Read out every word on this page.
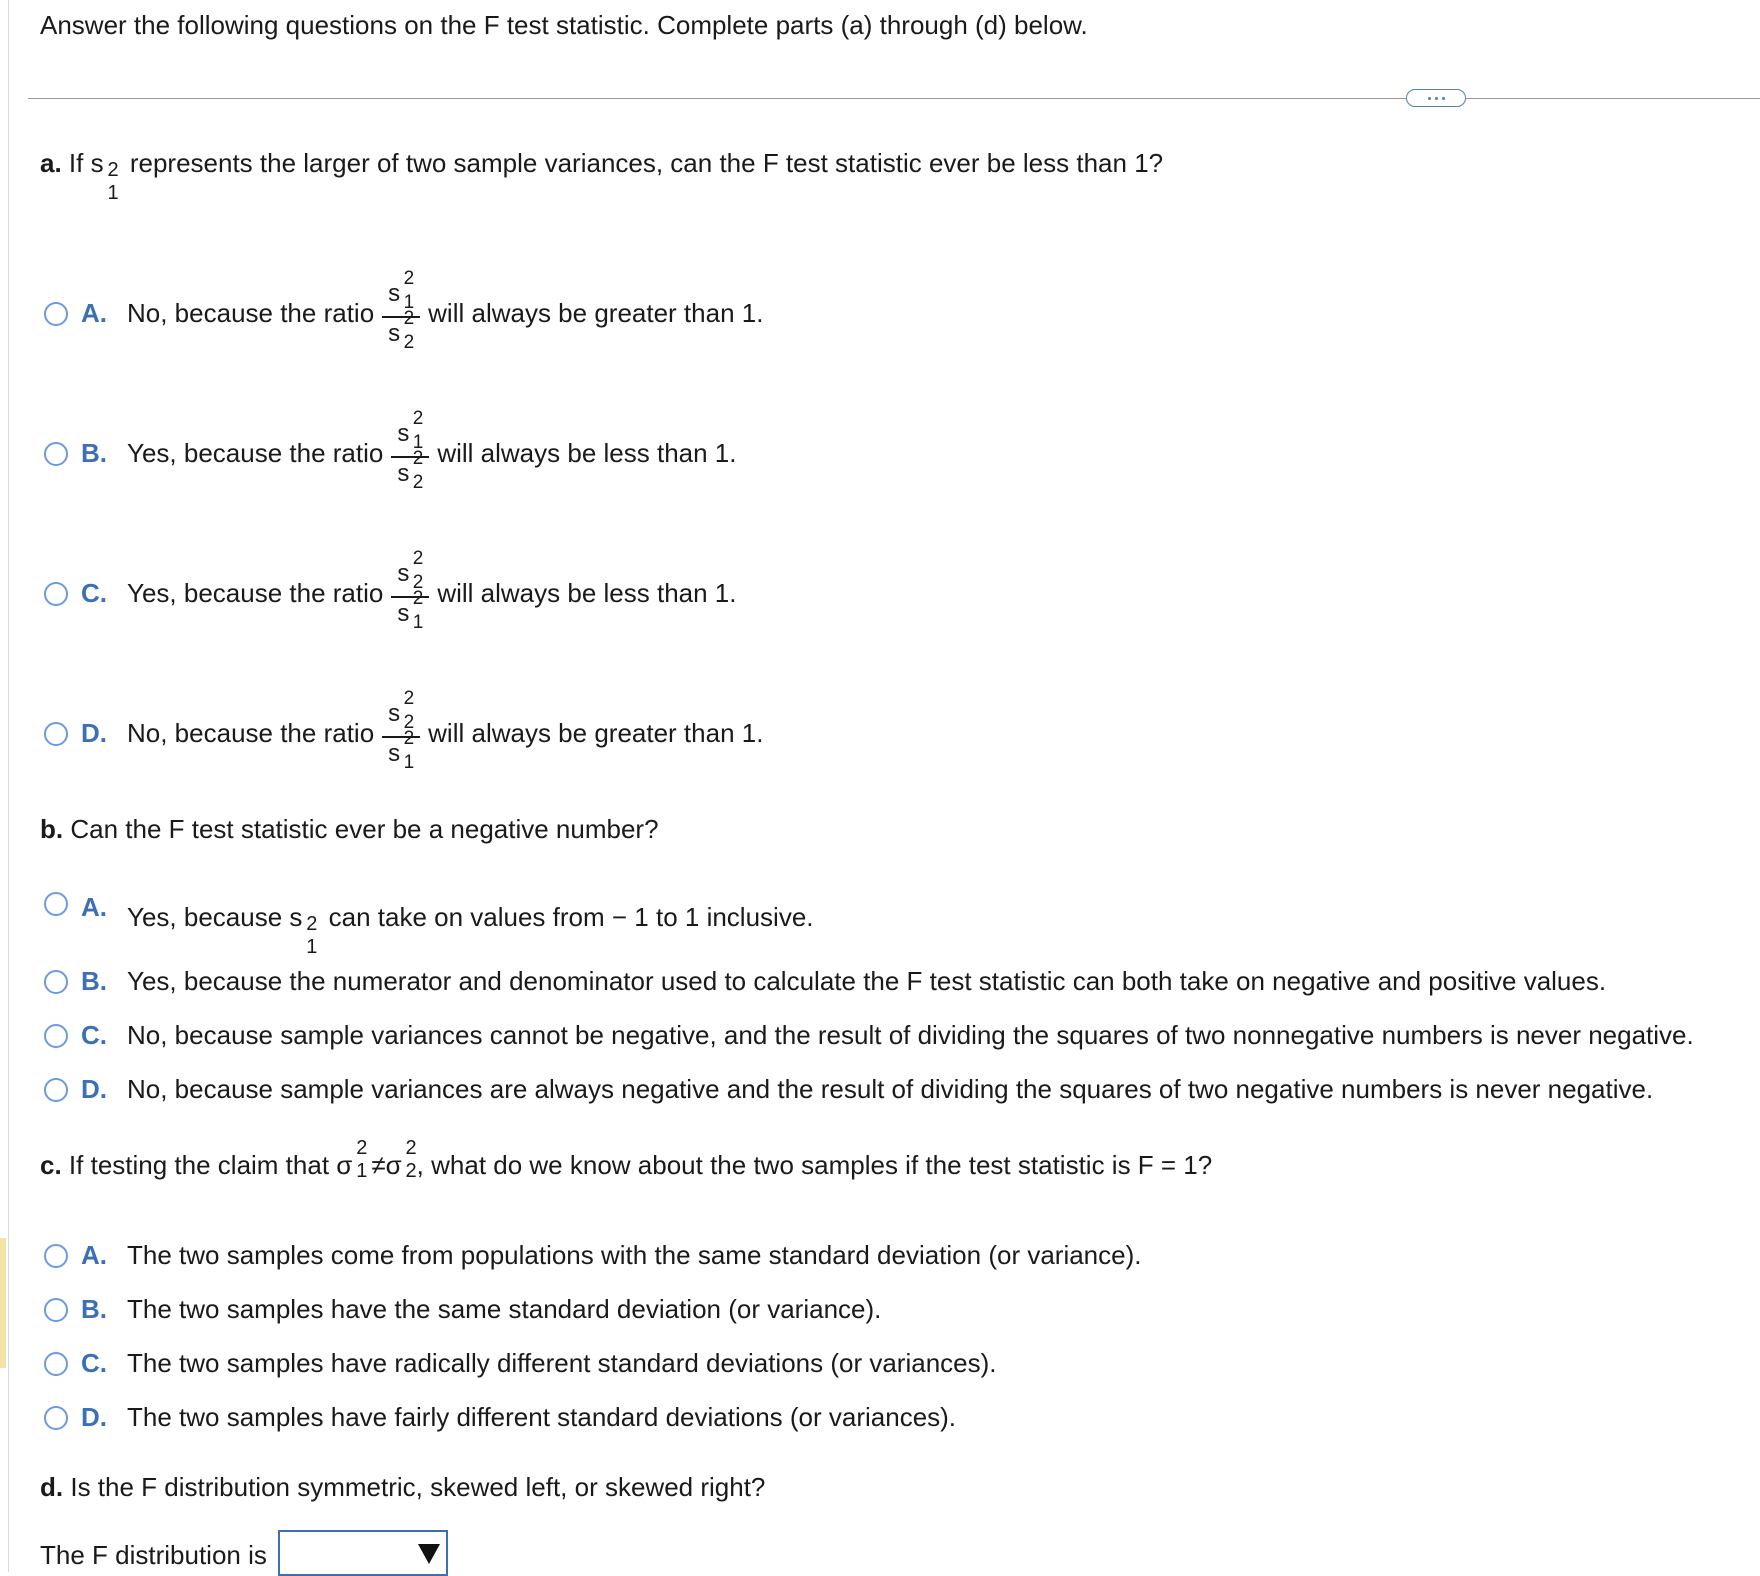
Answer the following questions on the F test statistic. Complete parts (a) through (d) below.
a. If s 2
1
represents the larger of two sample variances, can the F test statistic ever be less than 1?
A. No, because the ratio s
2
1
s
2
2 will always be greater than 1.
B. Yes, because the ratio s
2
1
s
2
2 will always be less than 1.
C. Yes, because the ratio s
2
2
s
2
1 will always be less than 1.
D. No, because the ratio s
2
2
s
2
1 will always be greater than 1.
b. Can the F test statistic ever be a negative number?
A. Yes, because s 2
1
can take on values from − 1 to 1 inclusive.
B. Yes, because the numerator and denominator used to calculate the F test statistic can both take on negative and positive values.
C. No, because sample variances cannot be negative, and the result of dividing the squares of two nonnegative numbers is never negative.
D. No, because sample variances are always negative and the result of dividing the squares of two negative numbers is never negative.
c. If testing the claim that σ
2
1 ≠σ
2
2 , what do we know about the two samples if the test statistic is F = 1?
A. The two samples come from populations with the same standard deviation (or variance).
B. The two samples have the same standard deviation (or variance).
C. The two samples have radically different standard deviations (or variances).
D. The two samples have fairly different standard deviations (or variances).
d. Is the F distribution symmetric, skewed left, or skewed right?
The F distribution is
